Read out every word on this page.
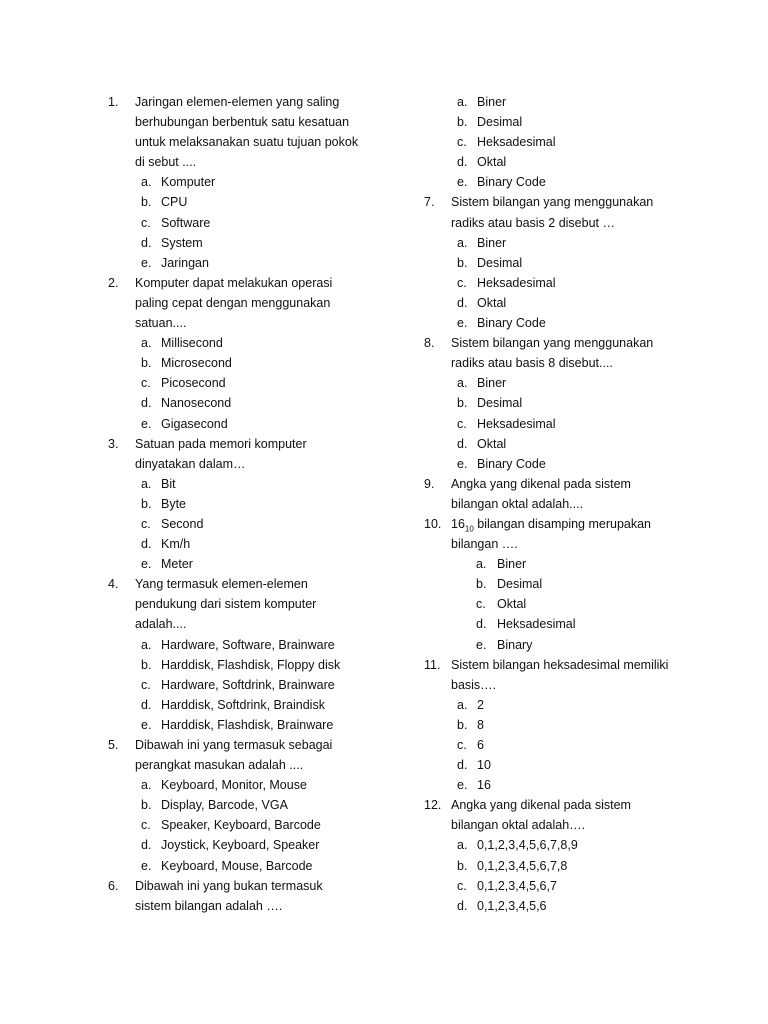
1. Jaringan elemen-elemen yang saling
berhubungan berbentuk satu kesatuan
untuk melaksanakan suatu tujuan pokok
di sebut ....
a. Komputer
b. CPU
c. Software
d. System
e. Jaringan
2. Komputer dapat melakukan operasi
paling cepat dengan menggunakan
satuan....
a. Millisecond
b. Microsecond
c. Picosecond
d. Nanosecond
e. Gigasecond
3. Satuan pada memori komputer
dinyatakan dalam…
a. Bit
b. Byte
c. Second
d. Km/h
e. Meter
4. Yang termasuk elemen-elemen
pendukung dari sistem komputer
adalah....
a. Hardware, Software, Brainware
b. Harddisk, Flashdisk, Floppy disk
c. Hardware, Softdrink, Brainware
d. Harddisk, Softdrink, Braindisk
e. Harddisk, Flashdisk, Brainware
5. Dibawah ini yang termasuk sebagai
perangkat masukan adalah ....
a. Keyboard, Monitor, Mouse
b. Display, Barcode, VGA
c. Speaker, Keyboard, Barcode
d. Joystick, Keyboard, Speaker
e. Keyboard, Mouse, Barcode
6. Dibawah ini yang bukan termasuk
sistem bilangan adalah ….
a. Biner
b. Desimal
c. Heksadesimal
d. Oktal
e. Binary Code
7. Sistem bilangan yang menggunakan
radiks atau basis 2 disebut …
a. Biner
b. Desimal
c. Heksadesimal
d. Oktal
e. Binary Code
8. Sistem bilangan yang menggunakan
radiks atau basis 8 disebut....
a. Biner
b. Desimal
c. Heksadesimal
d. Oktal
e. Binary Code
9. Angka yang dikenal pada sistem
bilangan oktal adalah....
10. $16_{10}$ bilangan disamping merupakan
bilangan ….
a. Biner
b. Desimal
c. Oktal
d. Heksadesimal
e. Binary
11. Sistem bilangan heksadesimal memiliki
basis….
a. 2
b. 8
c. 6
d. 10
e. 16
12. Angka yang dikenal pada sistem
bilangan oktal adalah….
a. 0,1,2,3,4,5,6,7,8,9
b. 0,1,2,3,4,5,6,7,8
c. 0,1,2,3,4,5,6,7
d. 0,1,2,3,4,5,6
